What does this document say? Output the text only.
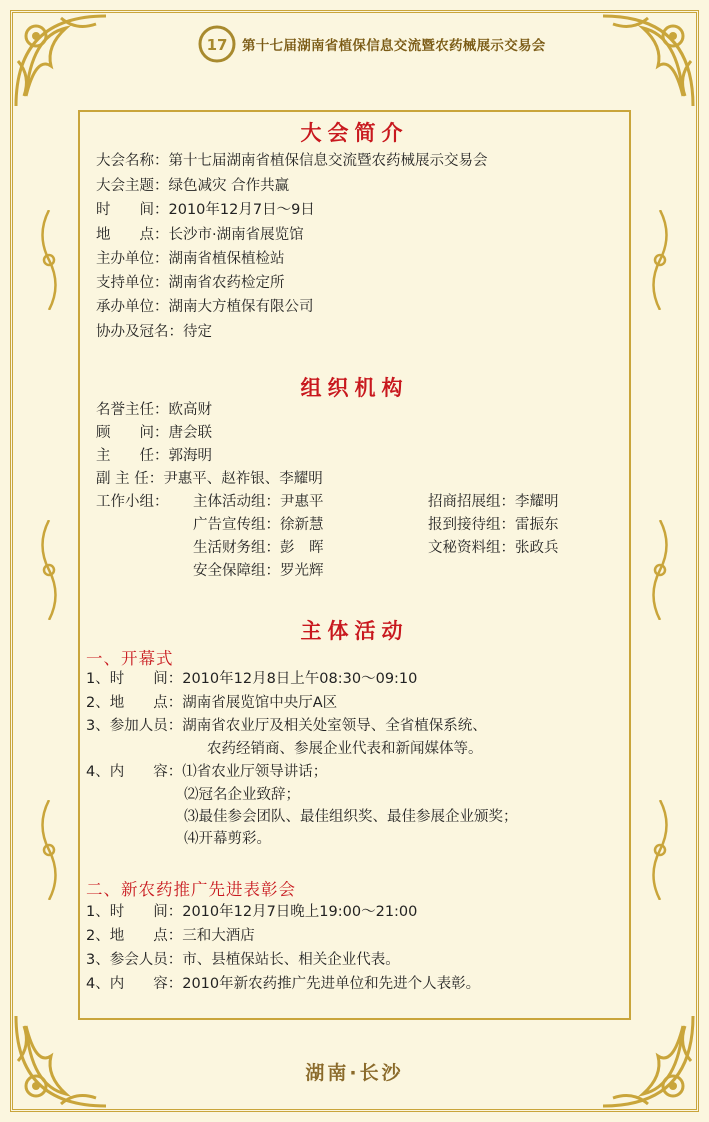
17 第十七届湖南省植保信息交流暨农药械展示交易会
大会简介
大会名称：第十七届湖南省植保信息交流暨农药械展示交易会
大会主题：绿色减灾 合作共赢
时　　间：2010年12月7日～9日
地　　点：长沙市·湖南省展览馆
主办单位：湖南省植保植检站
支持单位：湖南省农药检定所
承办单位：湖南大方植保有限公司
协办及冠名：待定
组织机构
名誉主任：欧高财
顾　　问：唐会联
主　　任：郭海明
副 主 任：尹惠平、赵祚银、李耀明
工作小组： 主体活动组：尹惠平
广告宣传组：徐新慧
生活财务组：彭　晖
安全保障组：罗光辉
招商招展组：李耀明
报到接待组：雷振东
文秘资料组：张政兵
主体活动
一、开幕式
1、时　　间：2010年12月8日上午08:30～09:10
2、地　　点：湖南省展览馆中央厅A区
3、参加人员：湖南省农业厅及相关处室领导、全省植保系统、
农药经销商、参展企业代表和新闻媒体等。
4、内　　容：⑴省农业厅领导讲话；
⑵冠名企业致辞；
⑶最佳参会团队、最佳组织奖、最佳参展企业颁奖；
⑷开幕剪彩。
二、新农药推广先进表彰会
1、时　　间：2010年12月7日晚上19:00～21:00
2、地　　点：三和大酒店
3、参会人员：市、县植保站长、相关企业代表。
4、内　　容：2010年新农药推广先进单位和先进个人表彰。
湖南·长沙
